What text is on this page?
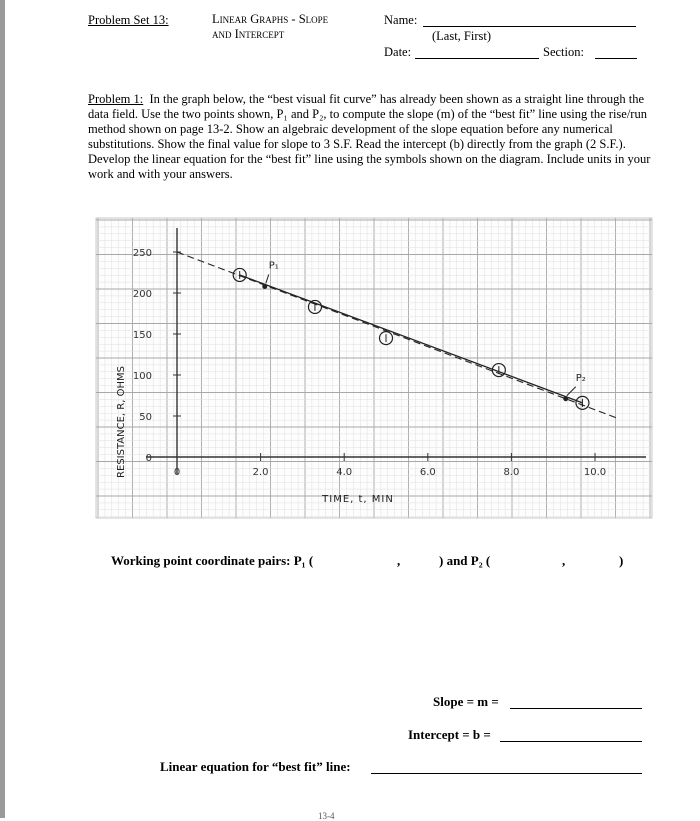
Problem Set 13:	Linear Graphs - Slope
and Intercept
Name:
(Last, First)
Date:	Section:
Problem 1: In the graph below, the “best visual fit curve” has already been shown as a straight line through the data field. Use the two points shown, P₁ and P₂, to compute the slope (m) of the “best fit” line using the rise/run method shown on page 13-2. Show an algebraic development of the slope equation before any numerical substitutions. Show the final value for slope to 3 S.F. Read the intercept (b) directly from the graph (2 S.F.). Develop the linear equation for the “best fit” line using the symbols shown on the diagram. Include units in your work and with your answers.
P₁
P₂
250
200
150
100
50
0
0	2.0	4.0	6.0	8.0	10.0
RESISTANCE, R, OHMS
TIME, t, MIN
Working point coordinate pairs: P₁ (	,	) and P₂ (	,	)
Slope = m =
Intercept = b =
Linear equation for “best fit” line:
13-4
